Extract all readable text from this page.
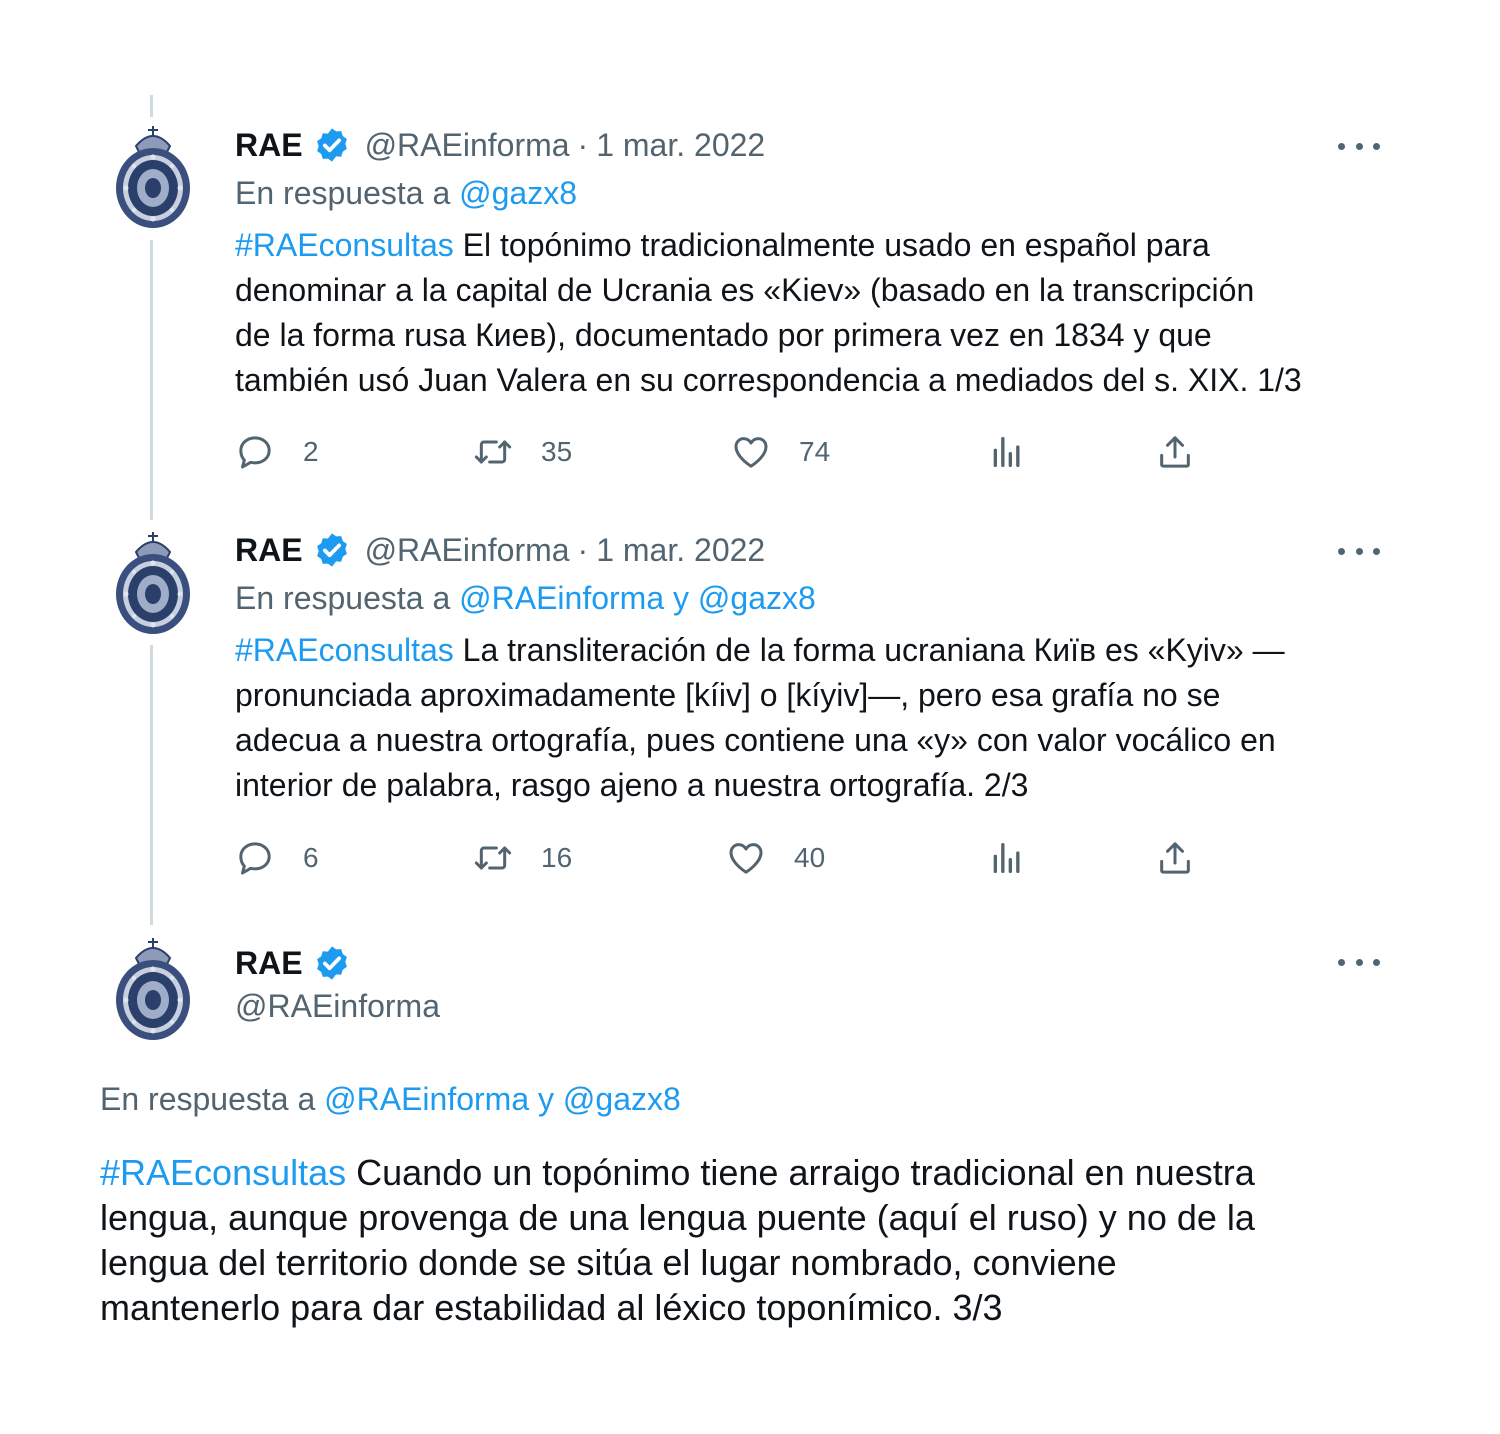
RAE @RAEinforma · 1 mar. 2022
En respuesta a @gazx8
#RAEconsultas El topónimo tradicionalmente usado en español para
denominar a la capital de Ucrania es «Kiev» (basado en la transcripción
de la forma rusa Киев), documentado por primera vez en 1834 y que
también usó Juan Valera en su correspondencia a mediados del s. XIX. 1/3
2	35	74
RAE @RAEinforma · 1 mar. 2022
En respuesta a @RAEinforma y @gazx8
#RAEconsultas La transliteración de la forma ucraniana Київ es «Kyiv» —
pronunciada aproximadamente [kíiv] o [kíyiv]—, pero esa grafía no se
adecua a nuestra ortografía, pues contiene una «y» con valor vocálico en
interior de palabra, rasgo ajeno a nuestra ortografía. 2/3
6	16	40
RAE
@RAEinforma
En respuesta a @RAEinforma y @gazx8
#RAEconsultas Cuando un topónimo tiene arraigo tradicional en nuestra
lengua, aunque provenga de una lengua puente (aquí el ruso) y no de la
lengua del territorio donde se sitúa el lugar nombrado, conviene
mantenerlo para dar estabilidad al léxico toponímico. 3/3
